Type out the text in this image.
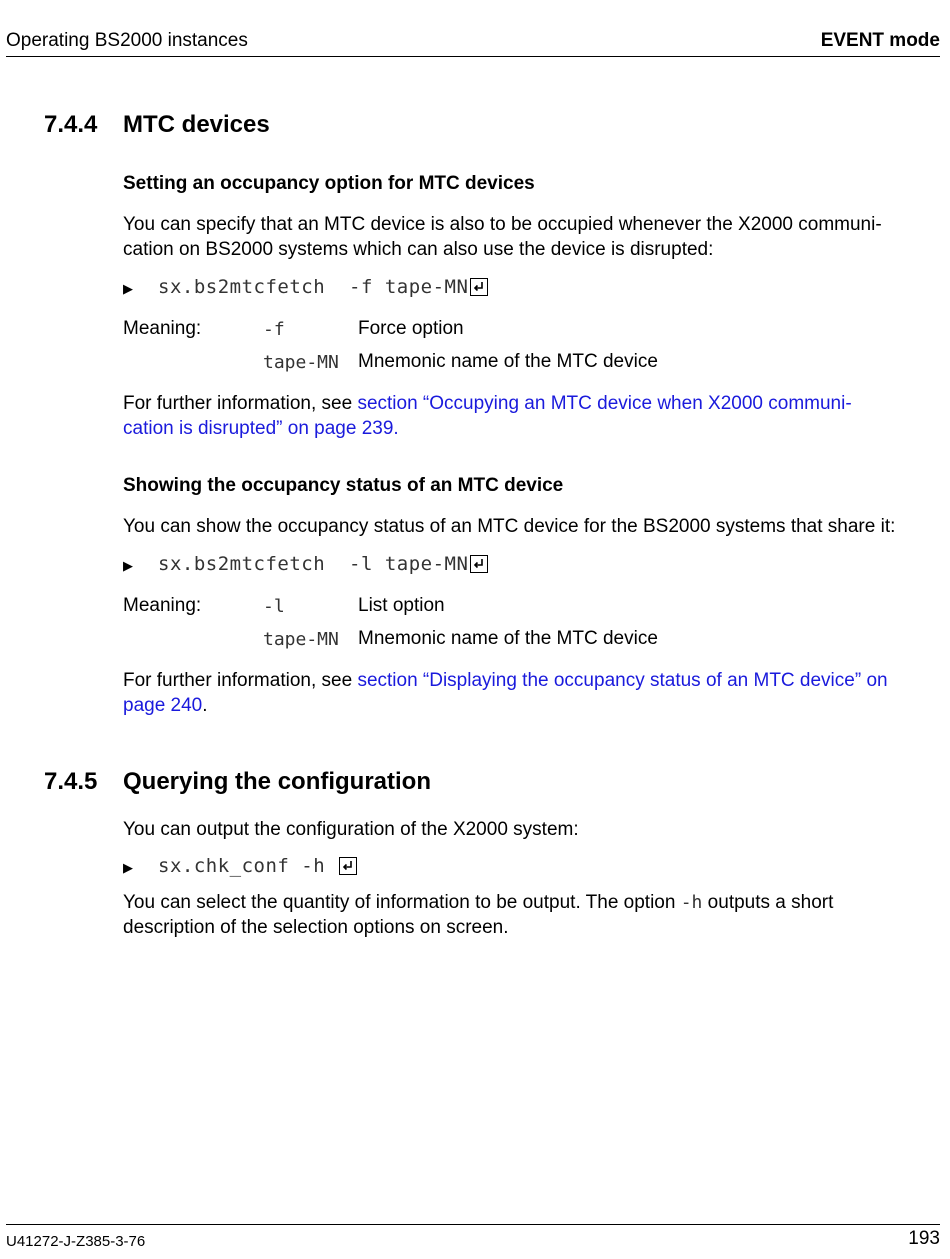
Operating BS2000 instances	EVENT mode
7.4.4 MTC devices
Setting an occupancy option for MTC devices
You can specify that an MTC device is also to be occupied whenever the X2000 communi-
cation on BS2000 systems which can also use the device is disrupted:
▶ sx.bs2mtcfetch  -f tape-MN
Meaning:	-f	Force option
tape-MN Mnemonic name of the MTC device
For further information, see section “Occupying an MTC device when X2000 communi-
cation is disrupted” on page 239.
Showing the occupancy status of an MTC device
You can show the occupancy status of an MTC device for the BS2000 systems that share it:
▶ sx.bs2mtcfetch  -l tape-MN
Meaning:	-l	List option
tape-MN Mnemonic name of the MTC device
For further information, see section “Displaying the occupancy status of an MTC device” on
page 240.
7.4.5 Querying the configuration
You can output the configuration of the X2000 system:
▶ sx.chk_conf -h
You can select the quantity of information to be output. The option -h outputs a short
description of the selection options on screen.
U41272-J-Z385-3-76	193
